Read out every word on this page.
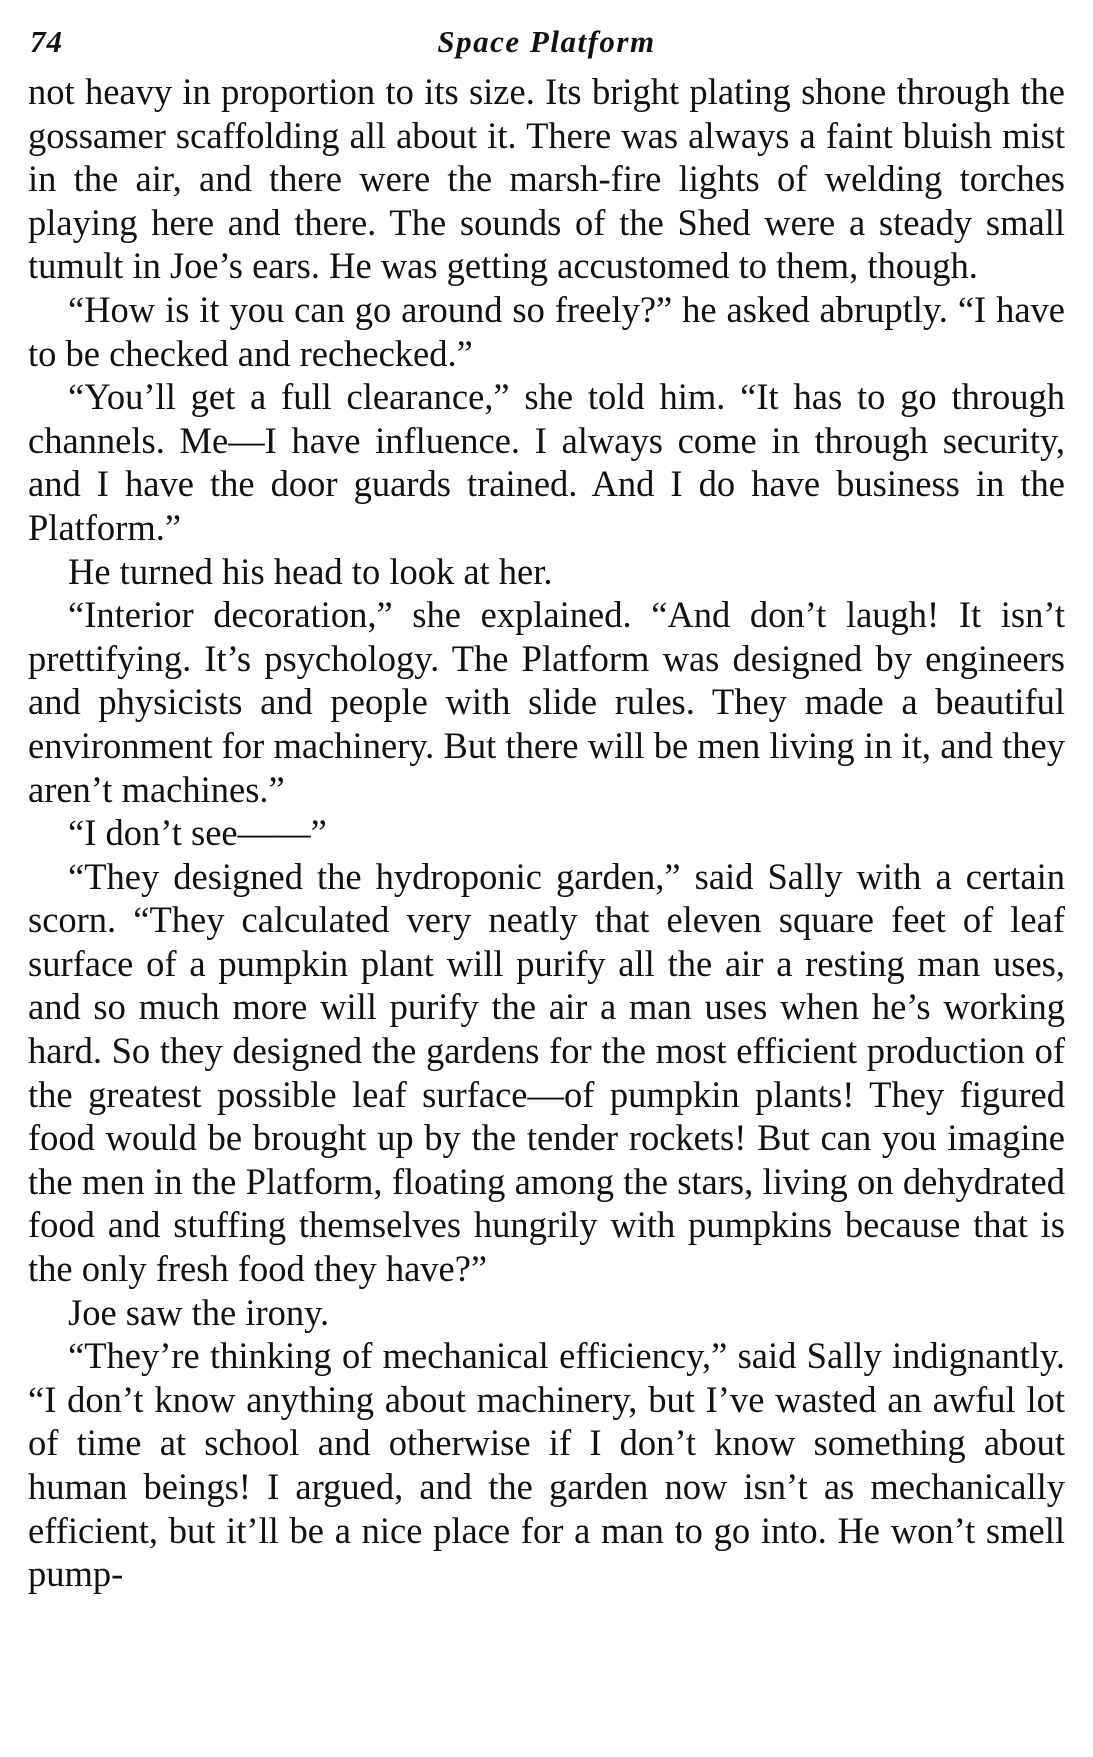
74	Space Platform

not heavy in proportion to its size. Its bright plating shone through the gossamer scaffolding all about it. There was always a faint bluish mist in the air, and there were the marsh-fire lights of welding torches playing here and there. The sounds of the Shed were a steady small tumult in Joe’s ears. He was getting accustomed to them, though.

“How is it you can go around so freely?” he asked abruptly. “I have to be checked and rechecked.”

“You’ll get a full clearance,” she told him. “It has to go through channels. Me—I have influence. I always come in through security, and I have the door guards trained. And I do have business in the Platform.”

He turned his head to look at her.

“Interior decoration,” she explained. “And don’t laugh! It isn’t prettifying. It’s psychology. The Platform was designed by engineers and physicists and people with slide rules. They made a beautiful environment for machinery. But there will be men living in it, and they aren’t machines.”

“I don’t see——”

“They designed the hydroponic garden,” said Sally with a certain scorn. “They calculated very neatly that eleven square feet of leaf surface of a pumpkin plant will purify all the air a resting man uses, and so much more will purify the air a man uses when he’s working hard. So they designed the gardens for the most efficient production of the greatest possible leaf surface—of pumpkin plants! They figured food would be brought up by the tender rockets! But can you imagine the men in the Platform, floating among the stars, living on dehydrated food and stuffing themselves hungrily with pumpkins because that is the only fresh food they have?”

Joe saw the irony.

“They’re thinking of mechanical efficiency,” said Sally indignantly. “I don’t know anything about machinery, but I’ve wasted an awful lot of time at school and otherwise if I don’t know something about human beings! I argued, and the garden now isn’t as mechanically efficient, but it’ll be a nice place for a man to go into. He won’t smell pump-
